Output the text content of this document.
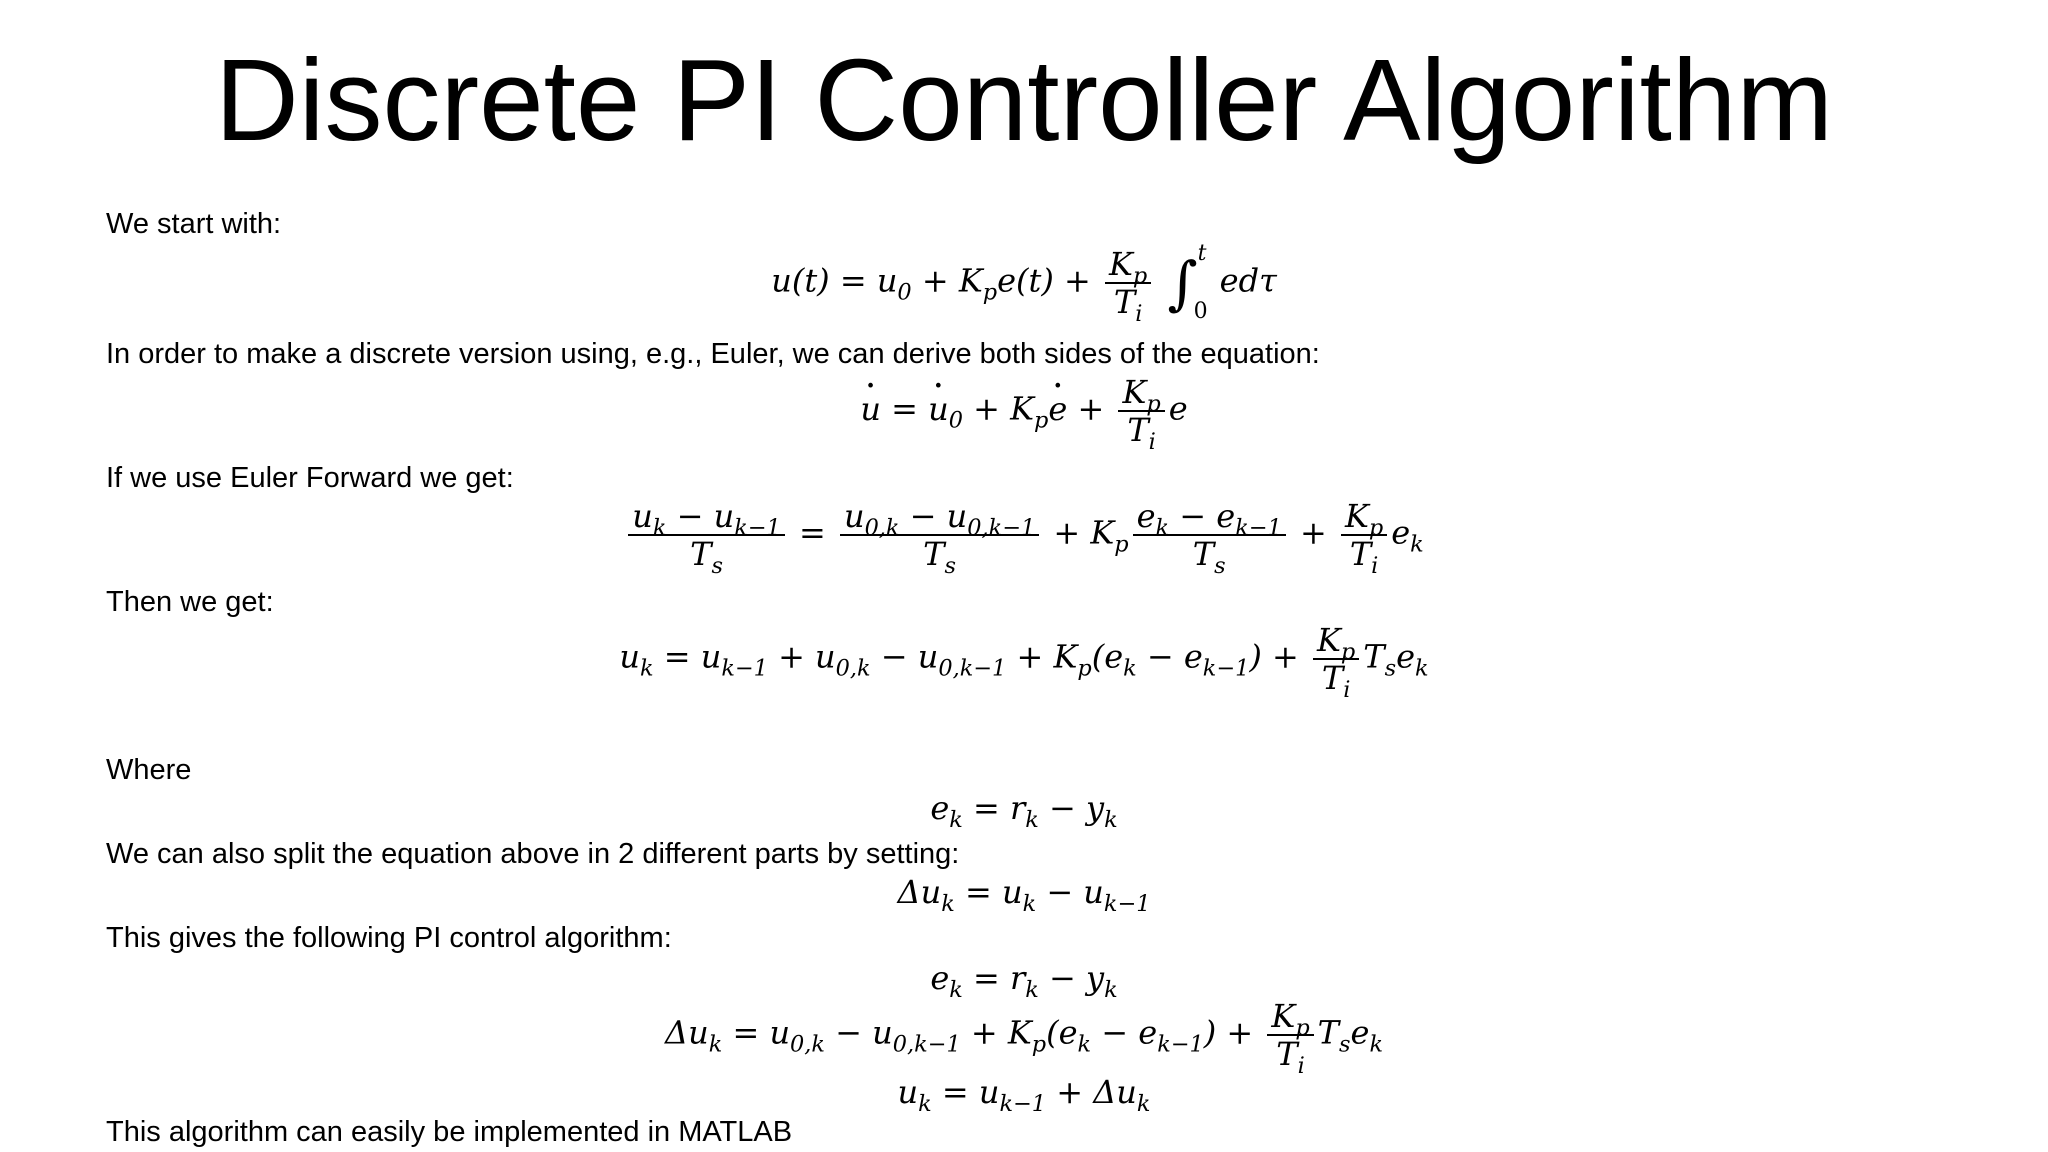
Discrete PI Controller Algorithm
We start with:
$u(t) = u_0 + K_pe(t) + \frac{K_p}{T_i}$ ∫ t
0
edτ
In order to make a discrete version using, e.g., Euler, we can derive both sides of the equation:
u · = $u \cdot_0 + K_pe$ · + $\frac{K_p}{T_i}$ e
If we use Euler Forward we get:
$\frac{u_k - u_{k-1}}{T_s} = \frac{u_{0,k} - u_{0,k-1}}{T_s} + K_p \frac{e_k - e_{k-1}}{T_s} + \frac{K_p}{T_i} e_k$
Then we get:
$u_k = u_{k-1} + u_{0,k} - u_{0,k-1} + K_p(e_k - e_{k-1}) + \frac{K_p}{T_i} T_se_k$
Where
$e_k = r_k - y_k$
We can also split the equation above in 2 different parts by setting:
$\Delta u_k = u_k - u_{k-1}$
This gives the following PI control algorithm:
$e_k = r_k - y_k$
$\Delta u_k = u_{0,k} - u_{0,k-1} + K_p(e_k - e_{k-1}) + \frac{K_p}{T_i} T_se_k$
$u_k = u_{k-1} + \Delta u_k$
This algorithm can easily be implemented in MATLAB
